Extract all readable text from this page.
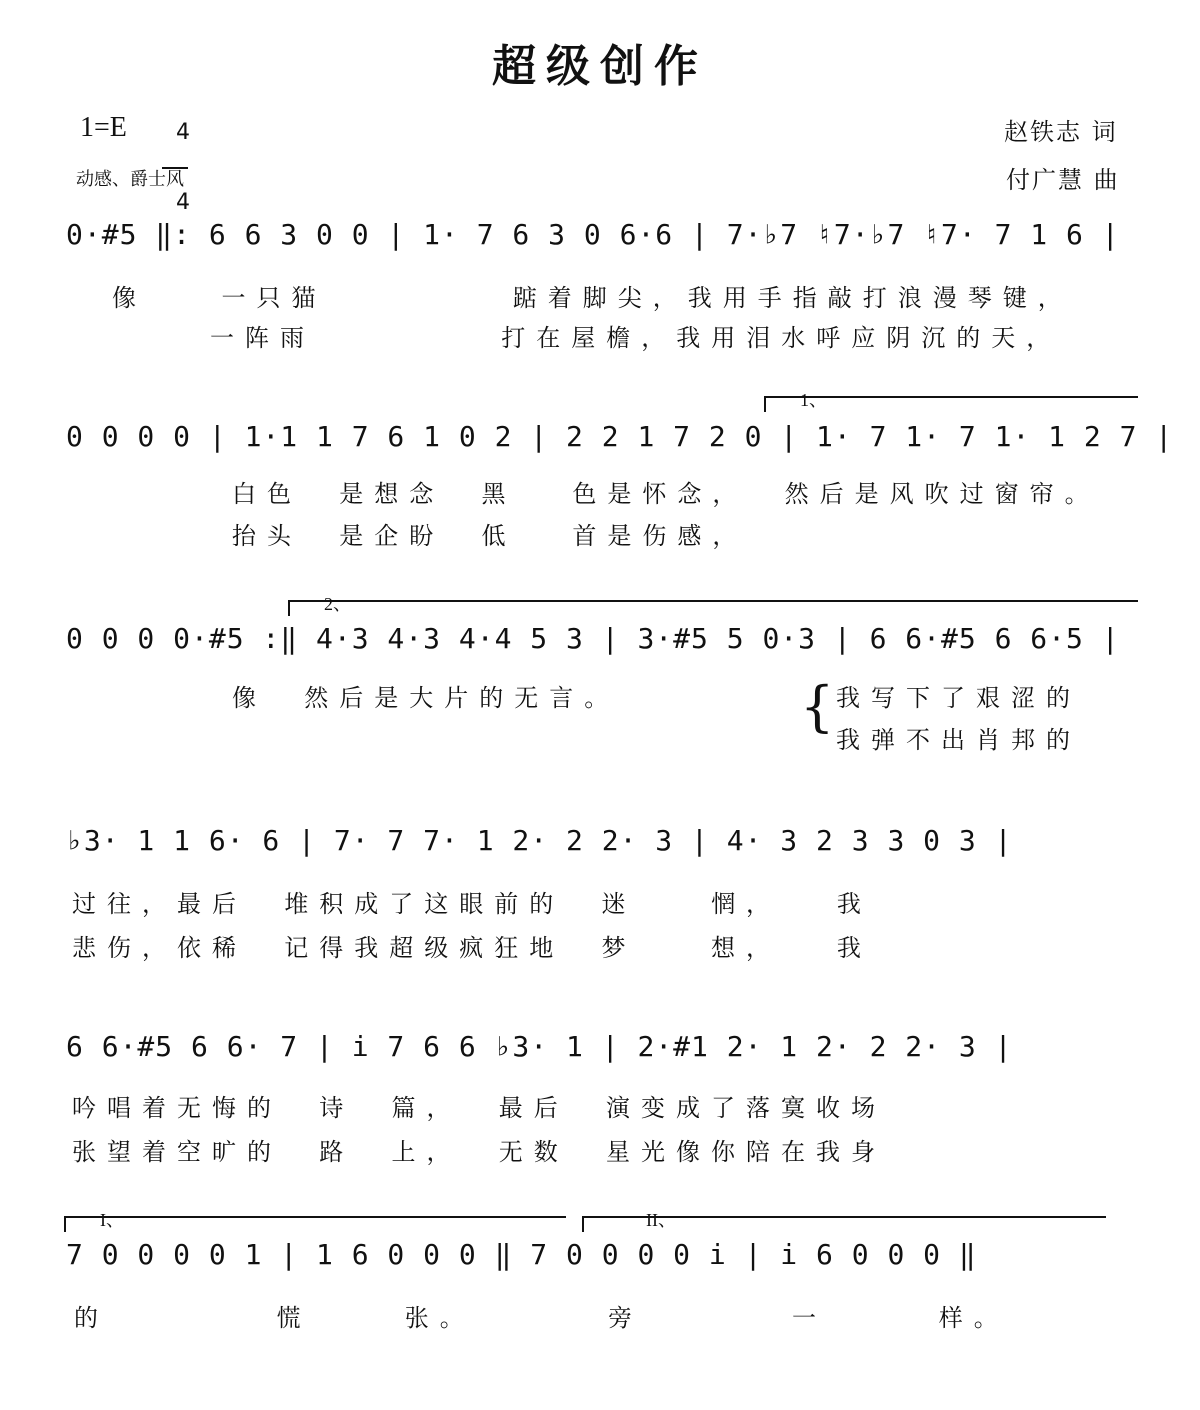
超级创作
1=E	4

4

动感、爵士风
赵铁志 词
付广慧 曲
0·#5 ‖: 6 6 3 0 0 | 1· 7 6 3 0 6·6 | 7·♭7 ♮7·♭7 ♮7· 7 1 6 |
像    一只猫          踮着脚尖，我用手指敲打浪漫琴键，
一阵雨          打在屋檐，我用泪水呼应阴沉的天，
1、
0 0 0 0 | 1·1 1 7 6 1 0 2 | 2 2 1 7 2 0 | 1· 7 1· 7 1· 1 2 7 |
白色  是想念  黑   色是怀念，  然后是风吹过窗帘。
抬头  是企盼  低   首是伤感，
2、
0 0 0 0·#5 :‖ 4·3 4·3 4·4 5 3 | 3·#5 5 0·3 | 6 6·#5 6 6·5 |
像  然后是大片的无言。	{ 我写下了艰涩的
我弹不出肖邦的
♭3· 1 1 6· 6 | 7· 7 7· 1 2· 2 2· 3 | 4· 3 2 3 3 0 3 |
过往，最后  堆积成了这眼前的  迷    惘，   我
悲伤，依稀  记得我超级疯狂地  梦    想，   我
6 6·#5 6 6· 7 | i 7 6 6 ♭3· 1 | 2·#1 2· 1 2· 2 2· 3 |
吟唱着无悔的  诗  篇，  最后  演变成了落寞收场
张望着空旷的  路  上，  无数  星光像你陪在我身
I、	II、
7 0 0 0 0 1 | 1 6 0 0 0 ‖ 7 0 0 0 0 i | i 6 0 0 0 ‖
的         慌     张。	旁        一      样。
